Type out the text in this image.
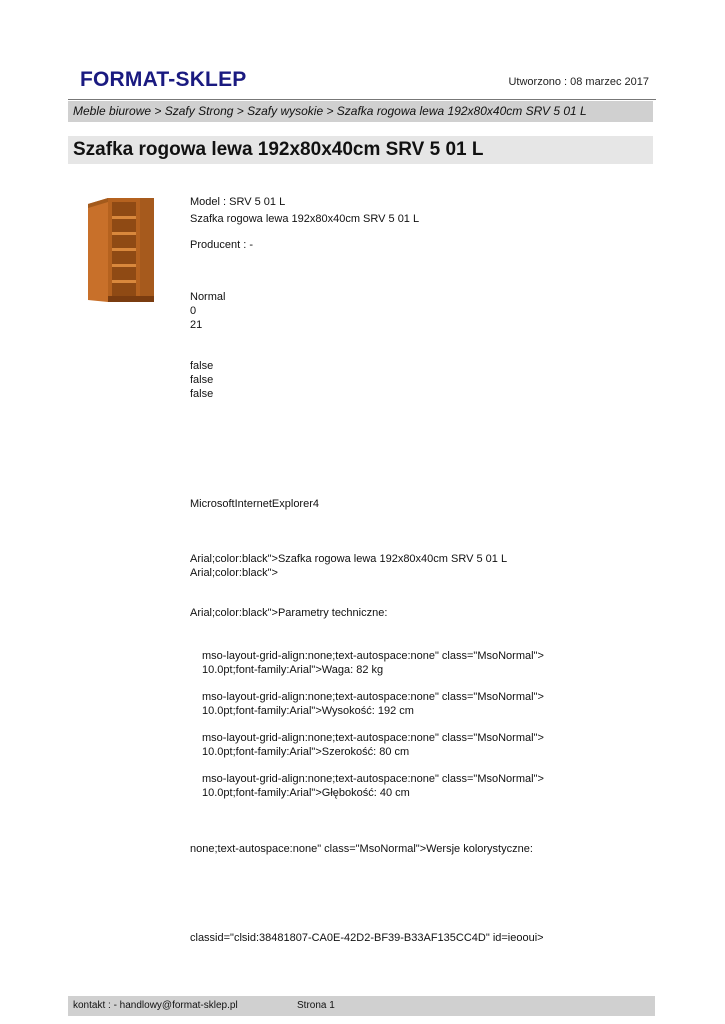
FORMAT-SKLEP	Utworzono : 08 marzec 2017
Meble biurowe > Szafy Strong > Szafy wysokie > Szafka rogowa lewa 192x80x40cm SRV 5 01 L
Szafka rogowa lewa 192x80x40cm SRV 5 01 L
Model : SRV 5 01 L
Szafka rogowa lewa 192x80x40cm SRV 5 01 L
Producent : -
Normal
0
21
false
false
false
MicrosoftInternetExplorer4
Arial;color:black">Szafka rogowa lewa 192x80x40cm SRV 5 01 L
Arial;color:black">
Arial;color:black">Parametry techniczne:
mso-layout-grid-align:none;text-autospace:none" class="MsoNormal">
10.0pt;font-family:Arial">Waga: 82 kg
mso-layout-grid-align:none;text-autospace:none" class="MsoNormal">
10.0pt;font-family:Arial">Wysokość: 192 cm
mso-layout-grid-align:none;text-autospace:none" class="MsoNormal">
10.0pt;font-family:Arial">Szerokość: 80 cm
mso-layout-grid-align:none;text-autospace:none" class="MsoNormal">
10.0pt;font-family:Arial">Głębokość: 40 cm
none;text-autospace:none" class="MsoNormal">Wersje kolorystyczne:
classid="clsid:38481807-CA0E-42D2-BF39-B33AF135CC4D" id=ieooui>
kontakt : - handlowy@format-sklep.pl	Strona 1
